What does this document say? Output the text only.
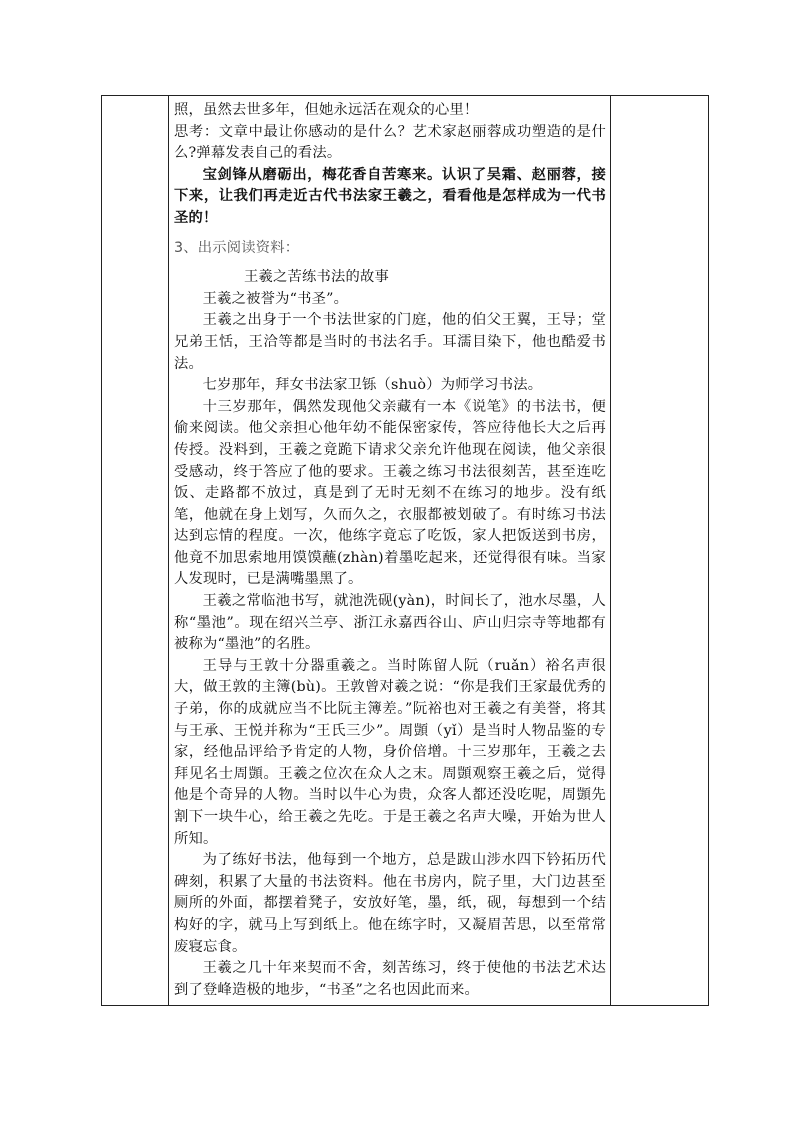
照，虽然去世多年，但她永远活在观众的心里！

思考：文章中最让你感动的是什么？艺术家赵丽蓉成功塑造的是什么?弹幕发表自己的看法。

宝剑锋从磨砺出，梅花香自苦寒来。认识了吴霜、赵丽蓉，接下来，让我们再走近古代书法家王羲之，看看他是怎样成为一代书圣的！

3、出示阅读资料：

王羲之苦练书法的故事

王羲之被誉为“书圣”。

王羲之出身于一个书法世家的门庭，他的伯父王翼，王导；堂兄弟王恬，王洽等都是当时的书法名手。耳濡目染下，他也酷爱书法。

七岁那年，拜女书法家卫铄（shuò）为师学习书法。

十三岁那年，偶然发现他父亲藏有一本《说笔》的书法书，便偷来阅读。他父亲担心他年幼不能保密家传，答应待他长大之后再传授。没料到，王羲之竟跪下请求父亲允许他现在阅读，他父亲很受感动，终于答应了他的要求。王羲之练习书法很刻苦，甚至连吃饭、走路都不放过，真是到了无时无刻不在练习的地步。没有纸笔，他就在身上划写，久而久之，衣服都被划破了。有时练习书法达到忘情的程度。一次，他练字竟忘了吃饭，家人把饭送到书房，他竟不加思索地用馍馍蘸(zhàn)着墨吃起来，还觉得很有味。当家人发现时，已是满嘴墨黑了。

王羲之常临池书写，就池洗砚(yàn)，时间长了，池水尽墨，人称“墨池”。现在绍兴兰亭、浙江永嘉西谷山、庐山归宗寺等地都有被称为“墨池”的名胜。

王导与王敦十分器重羲之。当时陈留人阮（ruǎn）裕名声很大，做王敦的主簿(bù)。王敦曾对羲之说：“你是我们王家最优秀的子弟，你的成就应当不比阮主簿差。”阮裕也对王羲之有美誉，将其与王承、王悦并称为“王氏三少”。周顗（yǐ）是当时人物品鉴的专家，经他品评给予肯定的人物，身价倍增。十三岁那年，王羲之去拜见名士周顗。王羲之位次在众人之末。周顗观察王羲之后，觉得他是个奇异的人物。当时以牛心为贵，众客人都还没吃呢，周顗先割下一块牛心，给王羲之先吃。于是王羲之名声大噪，开始为世人所知。

为了练好书法，他每到一个地方，总是跋山涉水四下钤拓历代碑刻，积累了大量的书法资料。他在书房内，院子里，大门边甚至厕所的外面，都摆着凳子，安放好笔，墨，纸，砚，每想到一个结构好的字，就马上写到纸上。他在练字时，又凝眉苦思，以至常常废寝忘食。

王羲之几十年来契而不舍，刻苦练习，终于使他的书法艺术达到了登峰造极的地步，“书圣”之名也因此而来。
